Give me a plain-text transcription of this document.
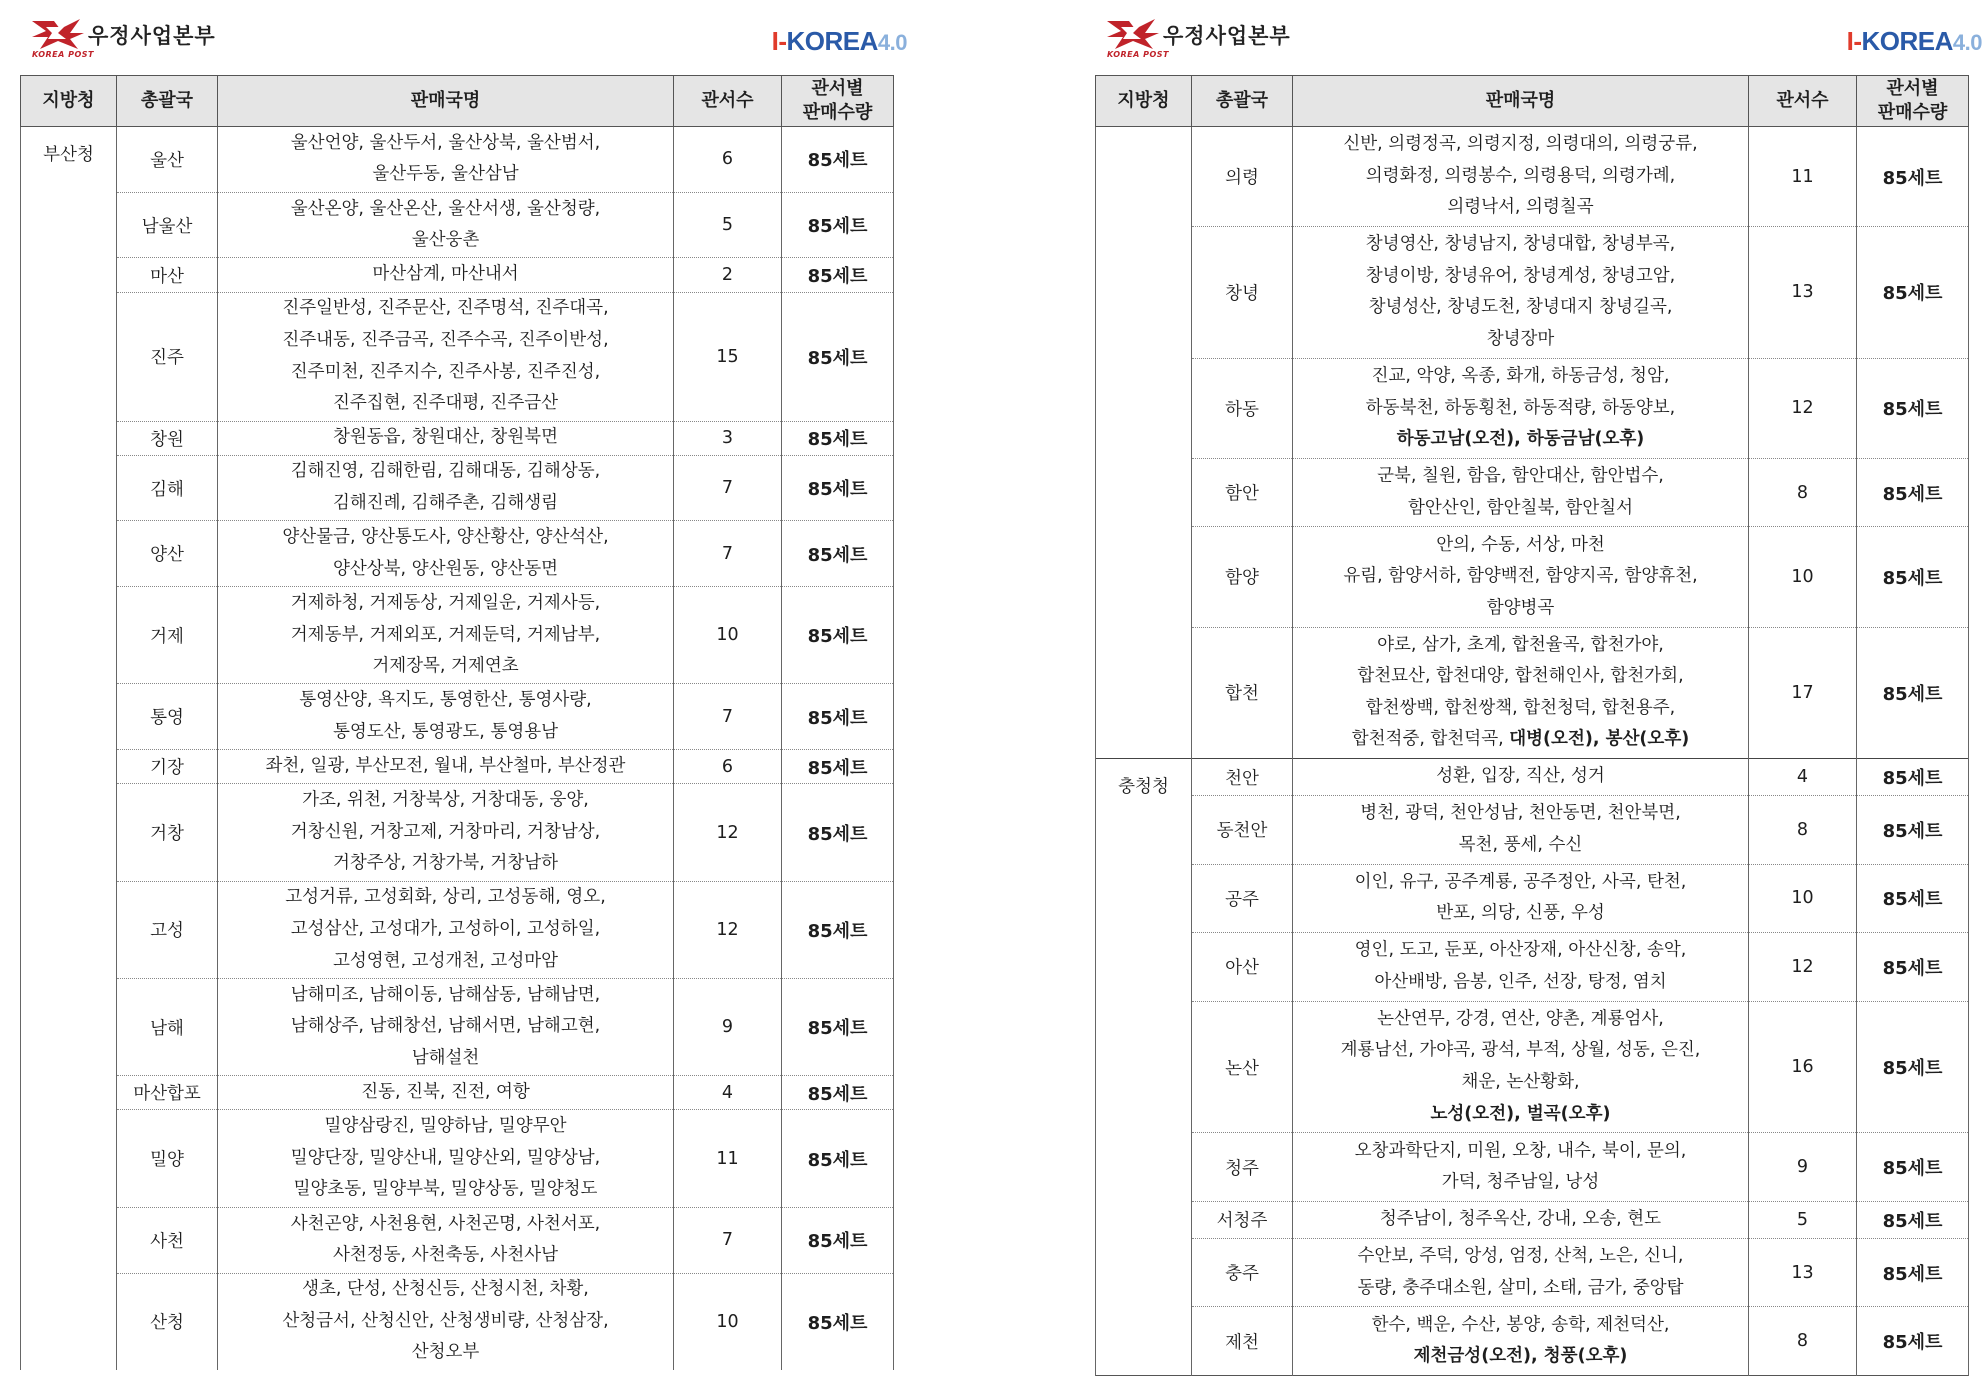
우정사업본부
KOREA POST	I-KOREA4.0
지방청	총괄국	판매국명	관서수	관서별
판매수량
부산청	울산	울산언양, 울산두서, 울산상북, 울산범서,
울산두동, 울산삼남	6	85세트
	남울산	울산온양, 울산온산, 울산서생, 울산청량,
울산웅촌	5	85세트
	마산	마산삼계, 마산내서	2	85세트
	진주	진주일반성, 진주문산, 진주명석, 진주대곡,
진주내동, 진주금곡, 진주수곡, 진주이반성,
진주미천, 진주지수, 진주사봉, 진주진성,
진주집현, 진주대평, 진주금산	15	85세트
	창원	창원동읍, 창원대산, 창원북면	3	85세트
	김해	김해진영, 김해한림, 김해대동, 김해상동,
김해진례, 김해주촌, 김해생림	7	85세트
	양산	양산물금, 양산통도사, 양산황산, 양산석산,
양산상북, 양산원동, 양산동면	7	85세트
	거제	거제하청, 거제동상, 거제일운, 거제사등,
거제동부, 거제외포, 거제둔덕, 거제남부,
거제장목, 거제연초	10	85세트
	통영	통영산양, 욕지도, 통영한산, 통영사량,
통영도산, 통영광도, 통영용남	7	85세트
	기장	좌천, 일광, 부산모전, 월내, 부산철마, 부산정관	6	85세트
	거창	가조, 위천, 거창북상, 거창대동, 웅양,
거창신원, 거창고제, 거창마리, 거창남상,
거창주상, 거창가북, 거창남하	12	85세트
	고성	고성거류, 고성회화, 상리, 고성동해, 영오,
고성삼산, 고성대가, 고성하이, 고성하일,
고성영현, 고성개천, 고성마암	12	85세트
	남해	남해미조, 남해이동, 남해삼동, 남해남면,
남해상주, 남해창선, 남해서면, 남해고현,
남해설천	9	85세트
	마산합포	진동, 진북, 진전, 여항	4	85세트
	밀양	밀양삼랑진, 밀양하남, 밀양무안
밀양단장, 밀양산내, 밀양산외, 밀양상남,
밀양초동, 밀양부북, 밀양상동, 밀양청도	11	85세트
	사천	사천곤양, 사천용현, 사천곤명, 사천서포,
사천정동, 사천축동, 사천사남	7	85세트
	산청	생초, 단성, 산청신등, 산청시천, 차황,
산청금서, 산청신안, 산청생비량, 산청삼장,
산청오부	10	85세트
우정사업본부
KOREA POST	I-KOREA4.0
지방청	총괄국	판매국명	관서수	관서별
판매수량
	의령	신반, 의령정곡, 의령지정, 의령대의, 의령궁류,
의령화정, 의령봉수, 의령용덕, 의령가례,
의령낙서, 의령칠곡	11	85세트
	창녕	창녕영산, 창녕남지, 창녕대합, 창녕부곡,
창녕이방, 창녕유어, 창녕계성, 창녕고암,
창녕성산, 창녕도천, 창녕대지 창녕길곡,
창녕장마	13	85세트
	하동	진교, 악양, 옥종, 화개, 하동금성, 청암,
하동북천, 하동횡천, 하동적량, 하동양보,
하동고남(오전), 하동금남(오후)	12	85세트
	함안	군북, 칠원, 함읍, 함안대산, 함안법수,
함안산인, 함안칠북, 함안칠서	8	85세트
	함양	안의, 수동, 서상, 마천
유림, 함양서하, 함양백전, 함양지곡, 함양휴천,
함양병곡	10	85세트
	합천	야로, 삼가, 초계, 합천율곡, 합천가야,
합천묘산, 합천대양, 합천해인사, 합천가회,
합천쌍백, 합천쌍책, 합천청덕, 합천용주,
합천적중, 합천덕곡, 대병(오전), 봉산(오후)	17	85세트
충청청	천안	성환, 입장, 직산, 성거	4	85세트
	동천안	병천, 광덕, 천안성남, 천안동면, 천안북면,
목천, 풍세, 수신	8	85세트
	공주	이인, 유구, 공주계룡, 공주정안, 사곡, 탄천,
반포, 의당, 신풍, 우성	10	85세트
	아산	영인, 도고, 둔포, 아산장재, 아산신창, 송악,
아산배방, 음봉, 인주, 선장, 탕정, 염치	12	85세트
	논산	논산연무, 강경, 연산, 양촌, 계룡엄사,
계룡남선, 가야곡, 광석, 부적, 상월, 성동, 은진,
채운, 논산황화,
노성(오전), 벌곡(오후)	16	85세트
	청주	오창과학단지, 미원, 오창, 내수, 북이, 문의,
가덕, 청주남일, 낭성	9	85세트
	서청주	청주남이, 청주옥산, 강내, 오송, 현도	5	85세트
	충주	수안보, 주덕, 앙성, 엄정, 산척, 노은, 신니,
동량, 충주대소원, 살미, 소태, 금가, 중앙탑	13	85세트
	제천	한수, 백운, 수산, 봉양, 송학, 제천덕산,
제천금성(오전), 청풍(오후)	8	85세트
